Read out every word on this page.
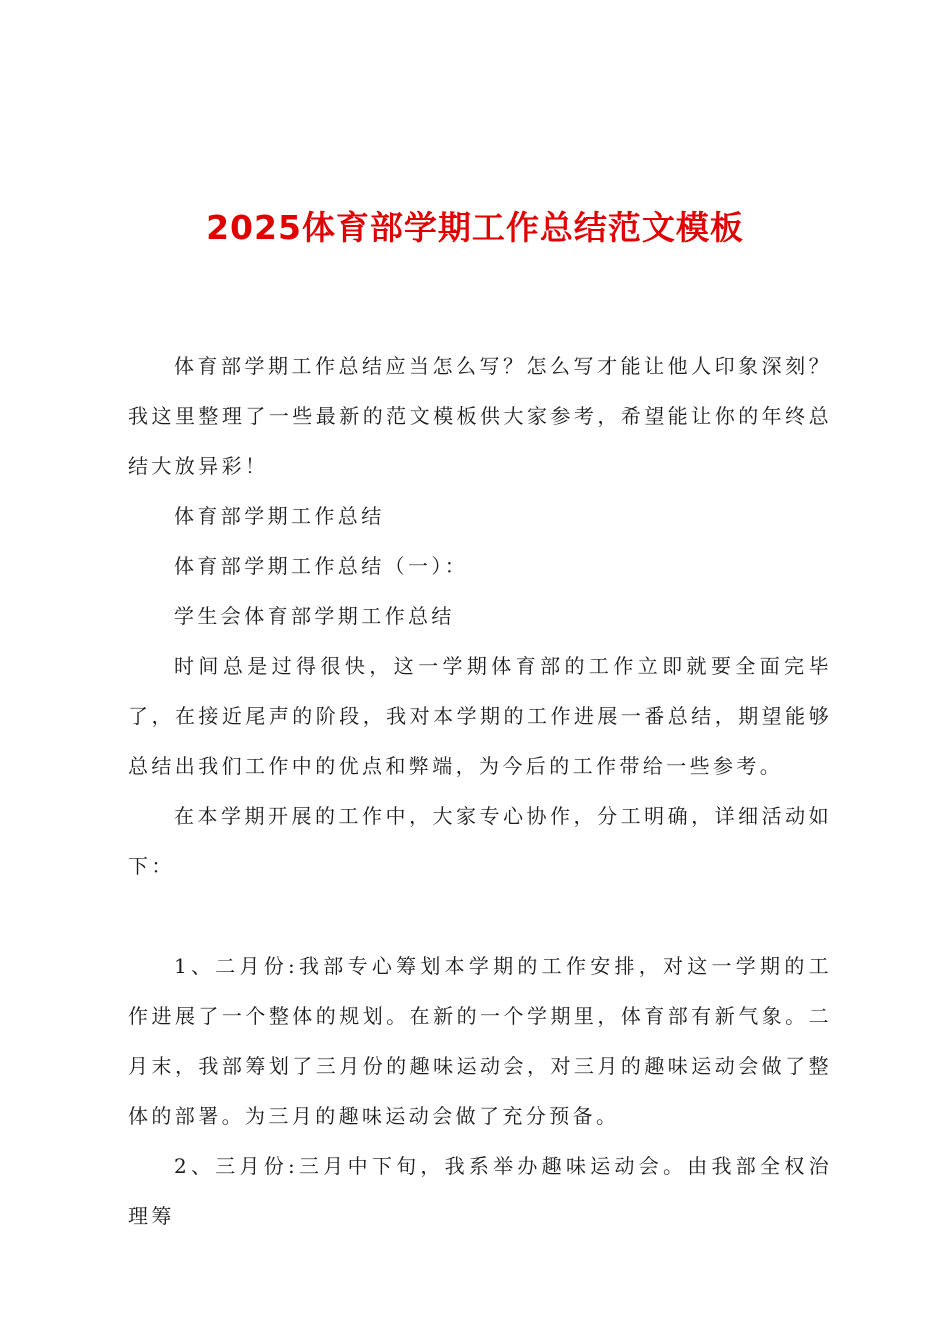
2025体育部学期工作总结范文模板

体育部学期工作总结应当怎么写？怎么写才能让他人印象深刻？我这里整理了一些最新的范文模板供大家参考，希望能让你的年终总结大放异彩！

体育部学期工作总结

体育部学期工作总结（一）：

学生会体育部学期工作总结

时间总是过得很快，这一学期体育部的工作立即就要全面完毕了，在接近尾声的阶段，我对本学期的工作进展一番总结，期望能够总结出我们工作中的优点和弊端，为今后的工作带给一些参考。

在本学期开展的工作中，大家专心协作，分工明确，详细活动如下：

1、二月份:我部专心筹划本学期的工作安排，对这一学期的工作进展了一个整体的规划。在新的一个学期里，体育部有新气象。二月末，我部筹划了三月份的趣味运动会，对三月的趣味运动会做了整体的部署。为三月的趣味运动会做了充分预备。

2、三月份:三月中下旬，我系举办趣味运动会。由我部全权治理筹
